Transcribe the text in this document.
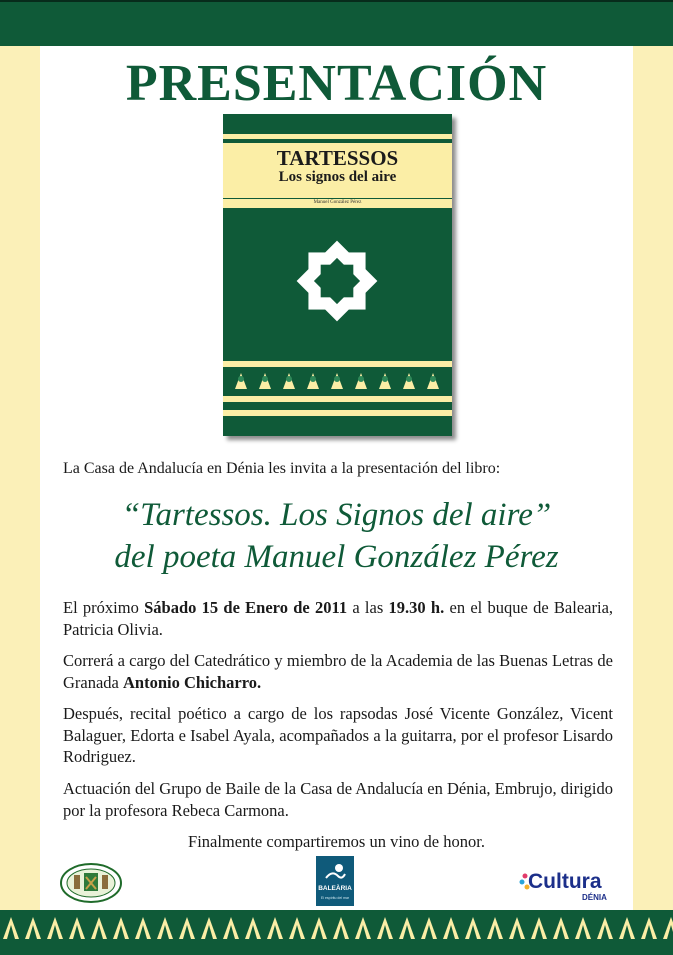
PRESENTACIÓN
TARTESSOS
Los signos del aire
Manuel González Pérez
La Casa de Andalucía en Dénia les invita a la presentación del libro:
“Tartessos. Los Signos del aire”
del poeta Manuel González Pérez
El próximo Sábado 15 de Enero de 2011 a las 19.30 h. en el buque de Balearia, Patricia Olivia.
Correrá a cargo del Catedrático y miembro de la Academia de las Buenas Letras de Granada Antonio Chicharro.
Después, recital poético a cargo de los rapsodas José Vicente González, Vicent Balaguer, Edorta e Isabel Ayala, acompañados a la guitarra, por el profesor Lisardo Rodriguez.
Actuación del Grupo de Baile de la Casa de Andalucía en Dénia, Embrujo, dirigido por la profesora Rebeca Carmona.
Finalmente compartiremos un vino de honor.
BALEÀRIA
El espíritu del mar
Cultura
DÉNIA
